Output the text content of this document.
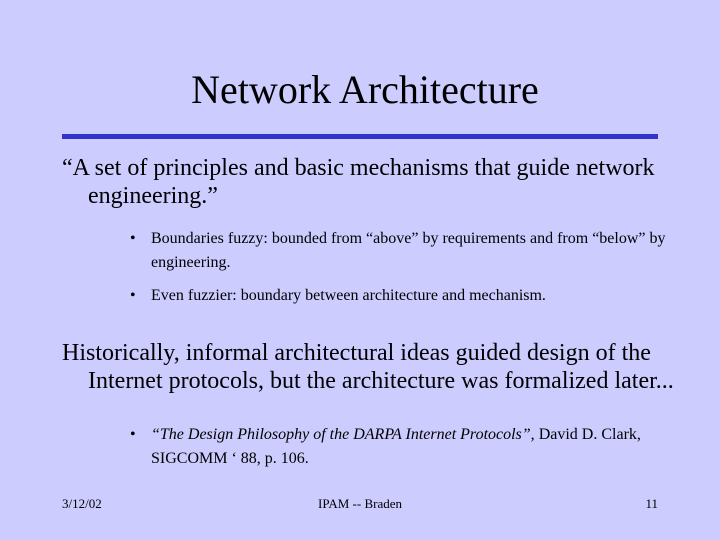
Network Architecture
“A set of principles and basic mechanisms that guide network engineering.”
• Boundaries fuzzy: bounded from “above” by requirements and from “below” by engineering.
• Even fuzzier: boundary between architecture and mechanism.
Historically, informal architectural ideas guided design of the Internet protocols, but the architecture was formalized later...
• “The Design Philosophy of the DARPA Internet Protocols”, David D. Clark, SIGCOMM ‘ 88, p. 106.
3/12/02	IPAM -- Braden	11
